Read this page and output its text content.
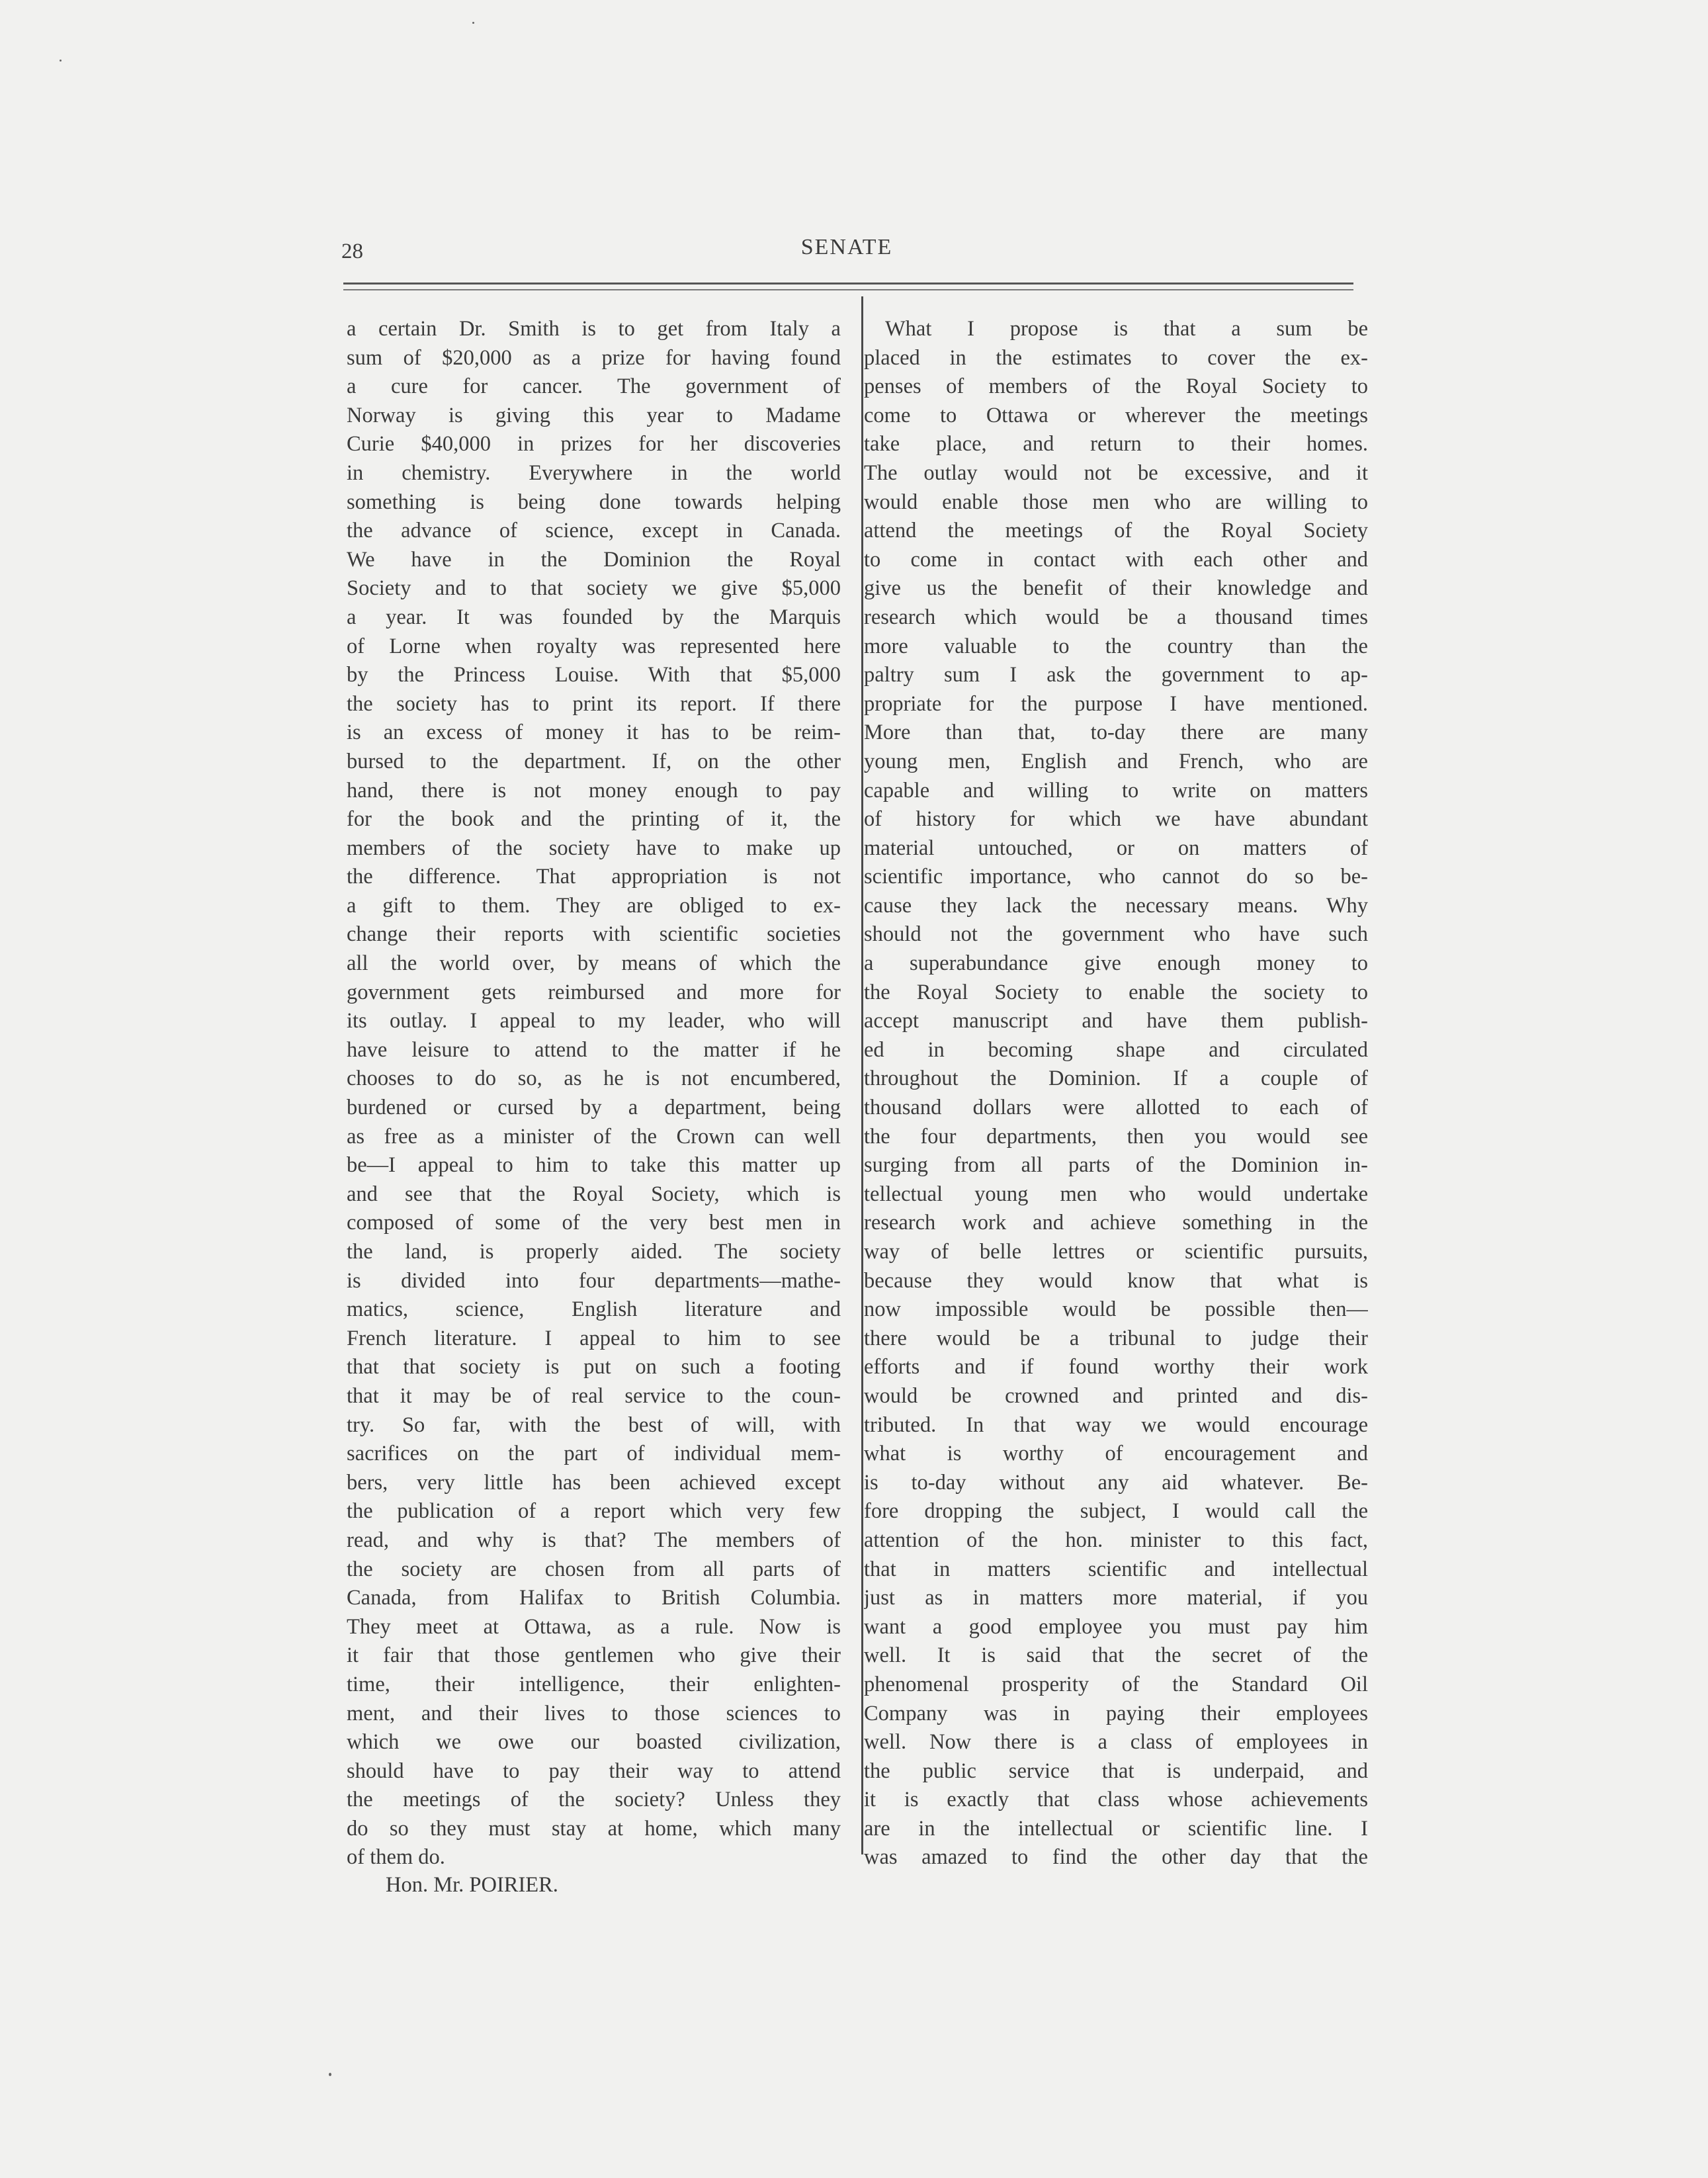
28	SENATE
a certain Dr. Smith is to get from Italy a
sum of $20,000 as a prize for having found
a cure for cancer. The government of
Norway is giving this year to Madame
Curie $40,000 in prizes for her discoveries
in chemistry. Everywhere in the world
something is being done towards helping
the advance of science, except in Canada.
We have in the Dominion the Royal
Society and to that society we give $5,000
a year. It was founded by the Marquis
of Lorne when royalty was represented here
by the Princess Louise. With that $5,000
the society has to print its report. If there
is an excess of money it has to be reim-
bursed to the department. If, on the other
hand, there is not money enough to pay
for the book and the printing of it, the
members of the society have to make up
the difference. That appropriation is not
a gift to them. They are obliged to ex-
change their reports with scientific societies
all the world over, by means of which the
government gets reimbursed and more for
its outlay. I appeal to my leader, who will
have leisure to attend to the matter if he
chooses to do so, as he is not encumbered,
burdened or cursed by a department, being
as free as a minister of the Crown can well
be—I appeal to him to take this matter up
and see that the Royal Society, which is
composed of some of the very best men in
the land, is properly aided. The society
is divided into four departments—mathe-
matics, science, English literature and
French literature. I appeal to him to see
that that society is put on such a footing
that it may be of real service to the coun-
try. So far, with the best of will, with
sacrifices on the part of individual mem-
bers, very little has been achieved except
the publication of a report which very few
read, and why is that? The members of
the society are chosen from all parts of
Canada, from Halifax to British Columbia.
They meet at Ottawa, as a rule. Now is
it fair that those gentlemen who give their
time, their intelligence, their enlighten-
ment, and their lives to those sciences to
which we owe our boasted civilization,
should have to pay their way to attend
the meetings of the society? Unless they
do so they must stay at home, which many
of them do.
What I propose is that a sum be
placed in the estimates to cover the ex-
penses of members of the Royal Society to
come to Ottawa or wherever the meetings
take place, and return to their homes.
The outlay would not be excessive, and it
would enable those men who are willing to
attend the meetings of the Royal Society
to come in contact with each other and
give us the benefit of their knowledge and
research which would be a thousand times
more valuable to the country than the
paltry sum I ask the government to ap-
propriate for the purpose I have mentioned.
More than that, to-day there are many
young men, English and French, who are
capable and willing to write on matters
of history for which we have abundant
material untouched, or on matters of
scientific importance, who cannot do so be-
cause they lack the necessary means. Why
should not the government who have such
a superabundance give enough money to
the Royal Society to enable the society to
accept manuscript and have them publish-
ed in becoming shape and circulated
throughout the Dominion. If a couple of
thousand dollars were allotted to each of
the four departments, then you would see
surging from all parts of the Dominion in-
tellectual young men who would undertake
research work and achieve something in the
way of belle lettres or scientific pursuits,
because they would know that what is
now impossible would be possible then—
there would be a tribunal to judge their
efforts and if found worthy their work
would be crowned and printed and dis-
tributed. In that way we would encourage
what is worthy of encouragement and
is to-day without any aid whatever. Be-
fore dropping the subject, I would call the
attention of the hon. minister to this fact,
that in matters scientific and intellectual
just as in matters more material, if you
want a good employee you must pay him
well. It is said that the secret of the
phenomenal prosperity of the Standard Oil
Company was in paying their employees
well. Now there is a class of employees in
the public service that is underpaid, and
it is exactly that class whose achievements
are in the intellectual or scientific line. I
was amazed to find the other day that the
Hon. Mr. POIRIER.
